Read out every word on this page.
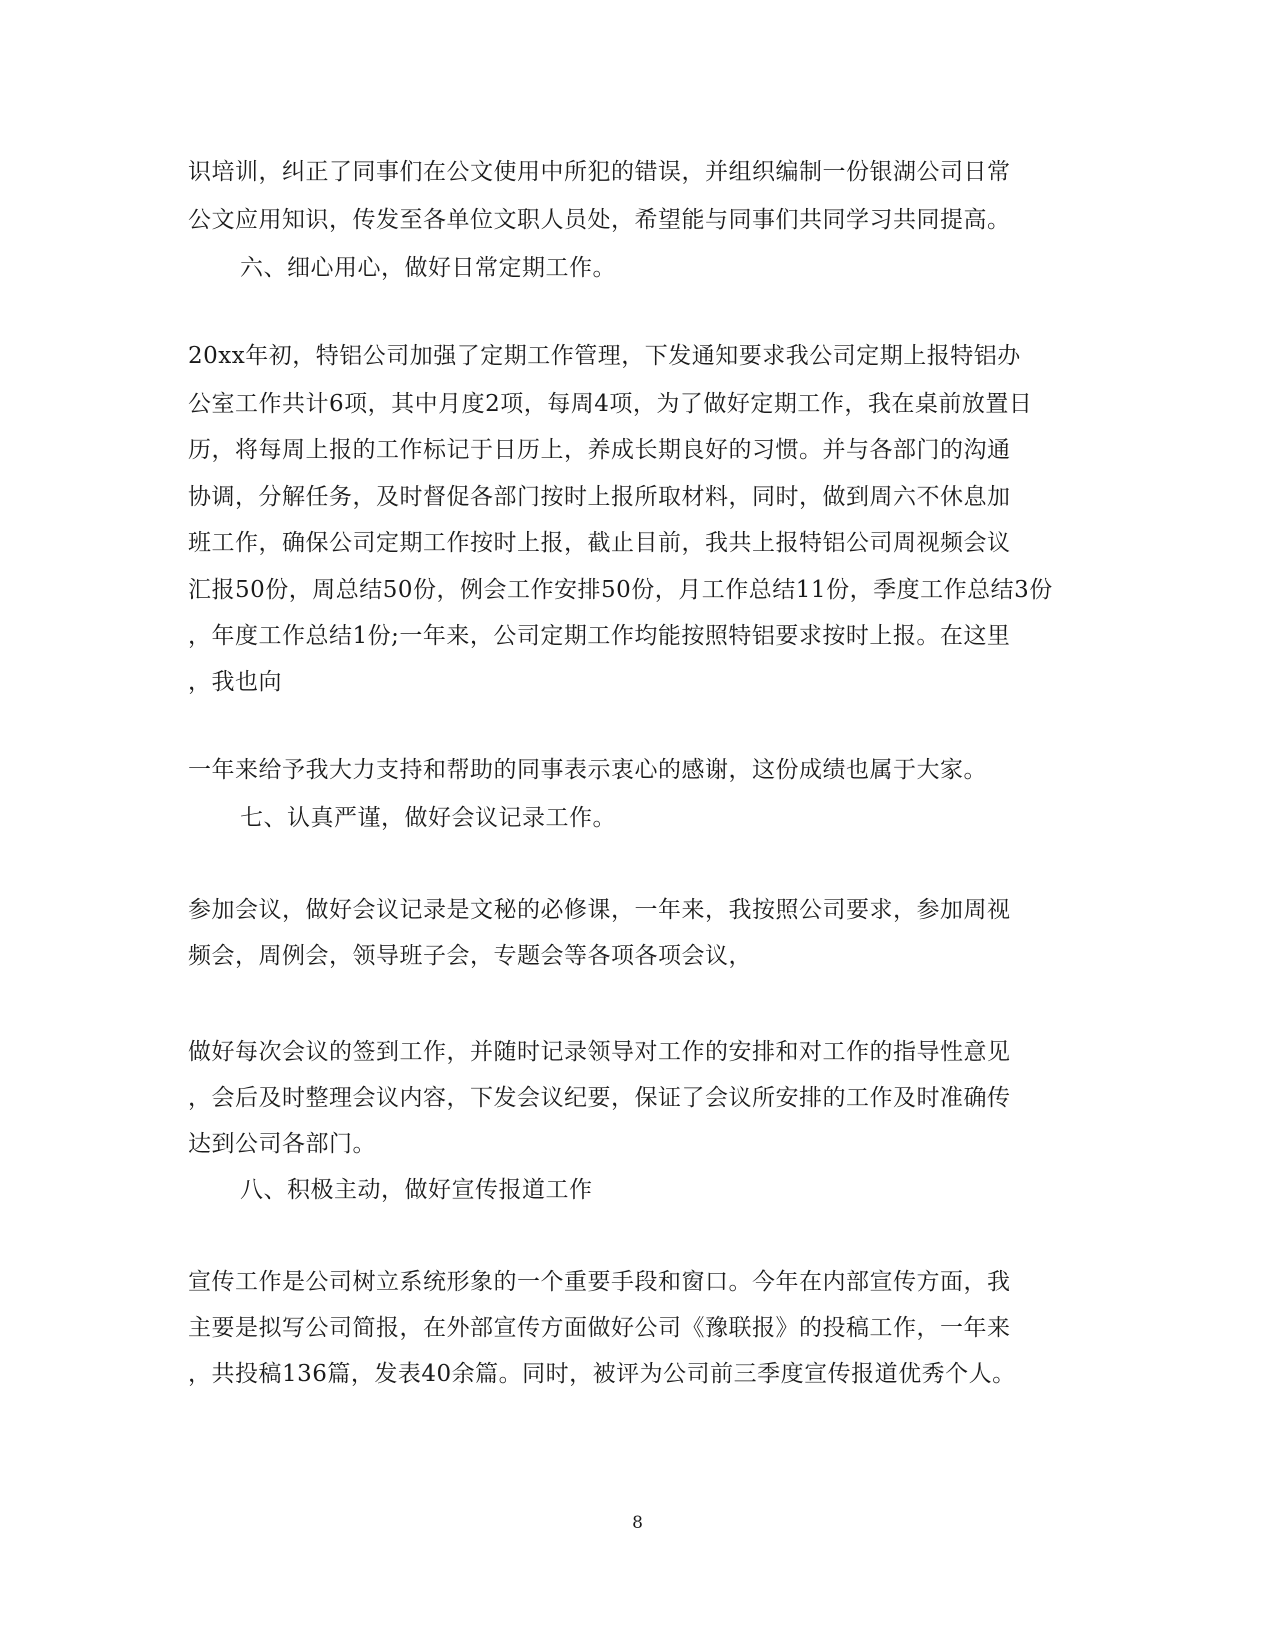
识培训，纠正了同事们在公文使用中所犯的错误，并组织编制一份银湖公司日常
公文应用知识，传发至各单位文职人员处，希望能与同事们共同学习共同提高。
六、细心用心，做好日常定期工作。
20xx年初，特铝公司加强了定期工作管理，下发通知要求我公司定期上报特铝办
公室工作共计6项，其中月度2项，每周4项，为了做好定期工作，我在桌前放置日
历，将每周上报的工作标记于日历上，养成长期良好的习惯。并与各部门的沟通
协调，分解任务，及时督促各部门按时上报所取材料，同时，做到周六不休息加
班工作，确保公司定期工作按时上报，截止目前，我共上报特铝公司周视频会议
汇报50份，周总结50份，例会工作安排50份，月工作总结11份，季度工作总结3份
，年度工作总结1份;一年来，公司定期工作均能按照特铝要求按时上报。在这里
，我也向
一年来给予我大力支持和帮助的同事表示衷心的感谢，这份成绩也属于大家。
七、认真严谨，做好会议记录工作。
参加会议，做好会议记录是文秘的必修课，一年来，我按照公司要求，参加周视
频会，周例会，领导班子会，专题会等各项各项会议，
做好每次会议的签到工作，并随时记录领导对工作的安排和对工作的指导性意见
，会后及时整理会议内容，下发会议纪要，保证了会议所安排的工作及时准确传
达到公司各部门。
八、积极主动，做好宣传报道工作
宣传工作是公司树立系统形象的一个重要手段和窗口。今年在内部宣传方面，我
主要是拟写公司简报，在外部宣传方面做好公司《豫联报》的投稿工作，一年来
，共投稿136篇，发表40余篇。同时，被评为公司前三季度宣传报道优秀个人。
8
